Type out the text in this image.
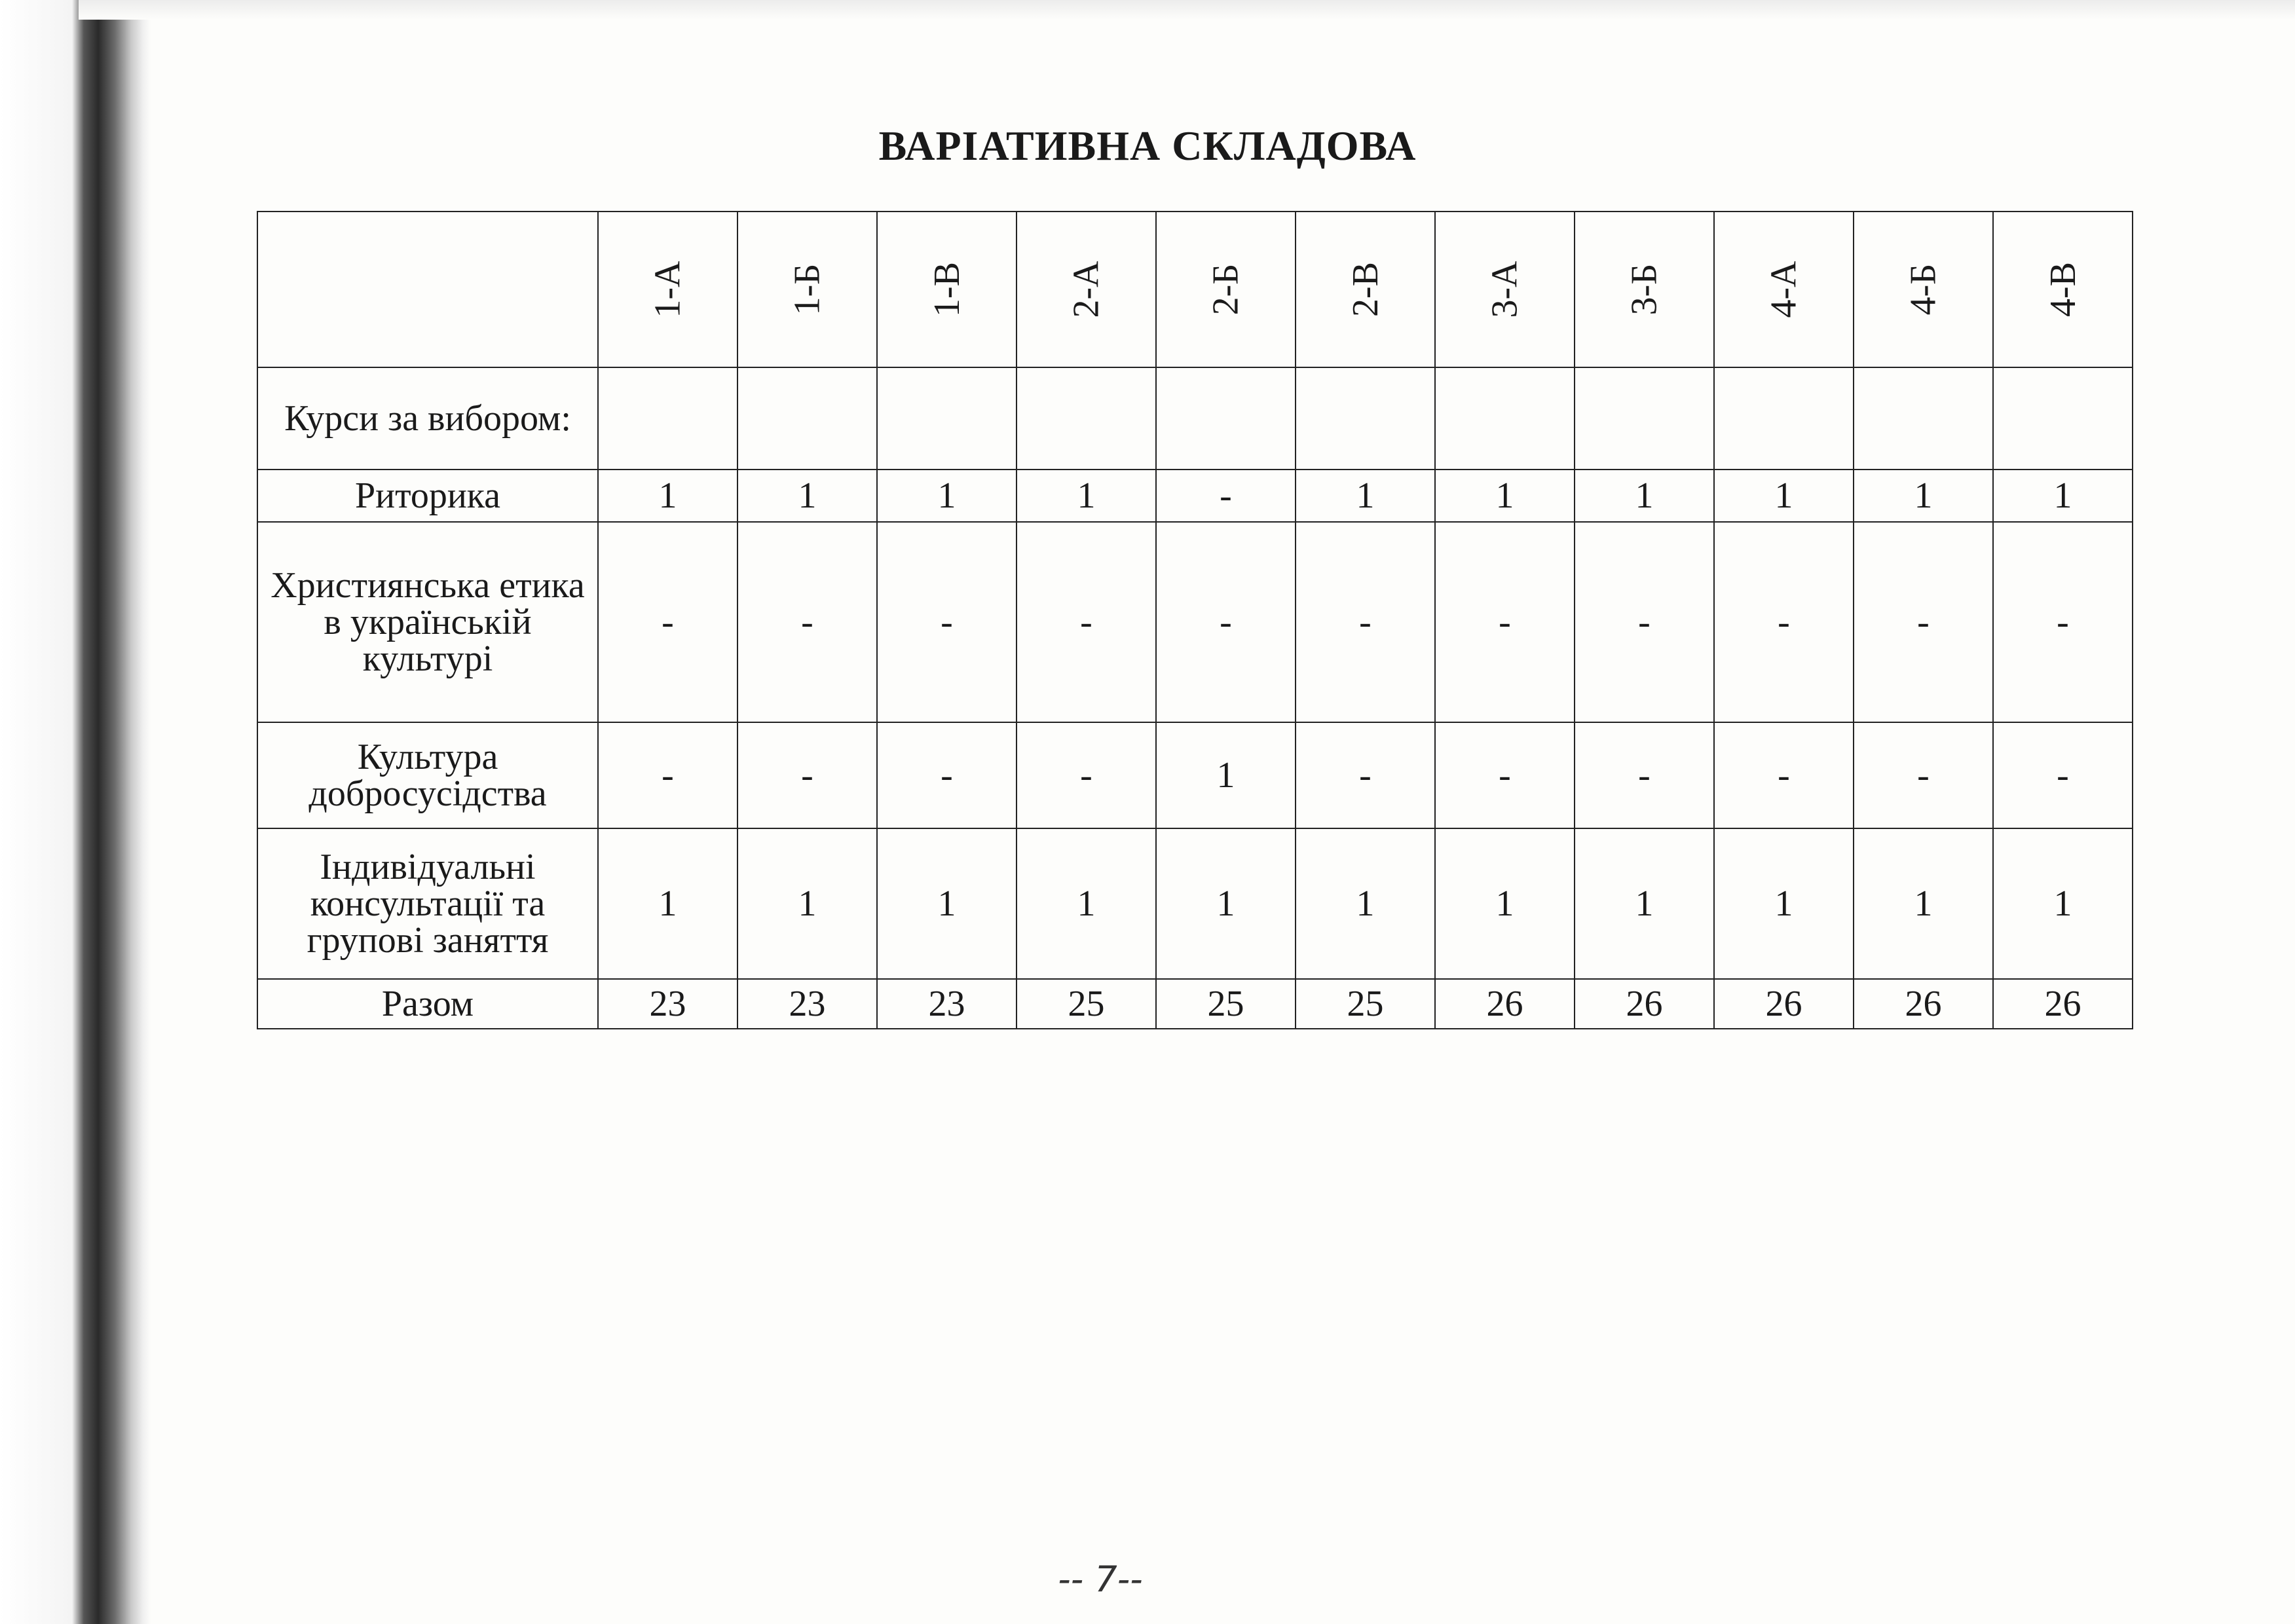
ВАРІАТИВНА СКЛАДОВА
	1-А	1-Б	1-В	2-А	2-Б	2-В	3-А	3-Б	4-А	4-Б	4-В
Курси за вибором:											
Риторика	1	1	1	1	-	1	1	1	1	1	1
Християнська етика в українській культурі	-	-	-	-	-	-	-	-	-	-	-
Культура добросусідства	-	-	-	-	1	-	-	-	-	-	-
Індивідуальні консультації та групові заняття	1	1	1	1	1	1	1	1	1	1	1
Разом	23	23	23	25	25	25	26	26	26	26	26
-- 7--
